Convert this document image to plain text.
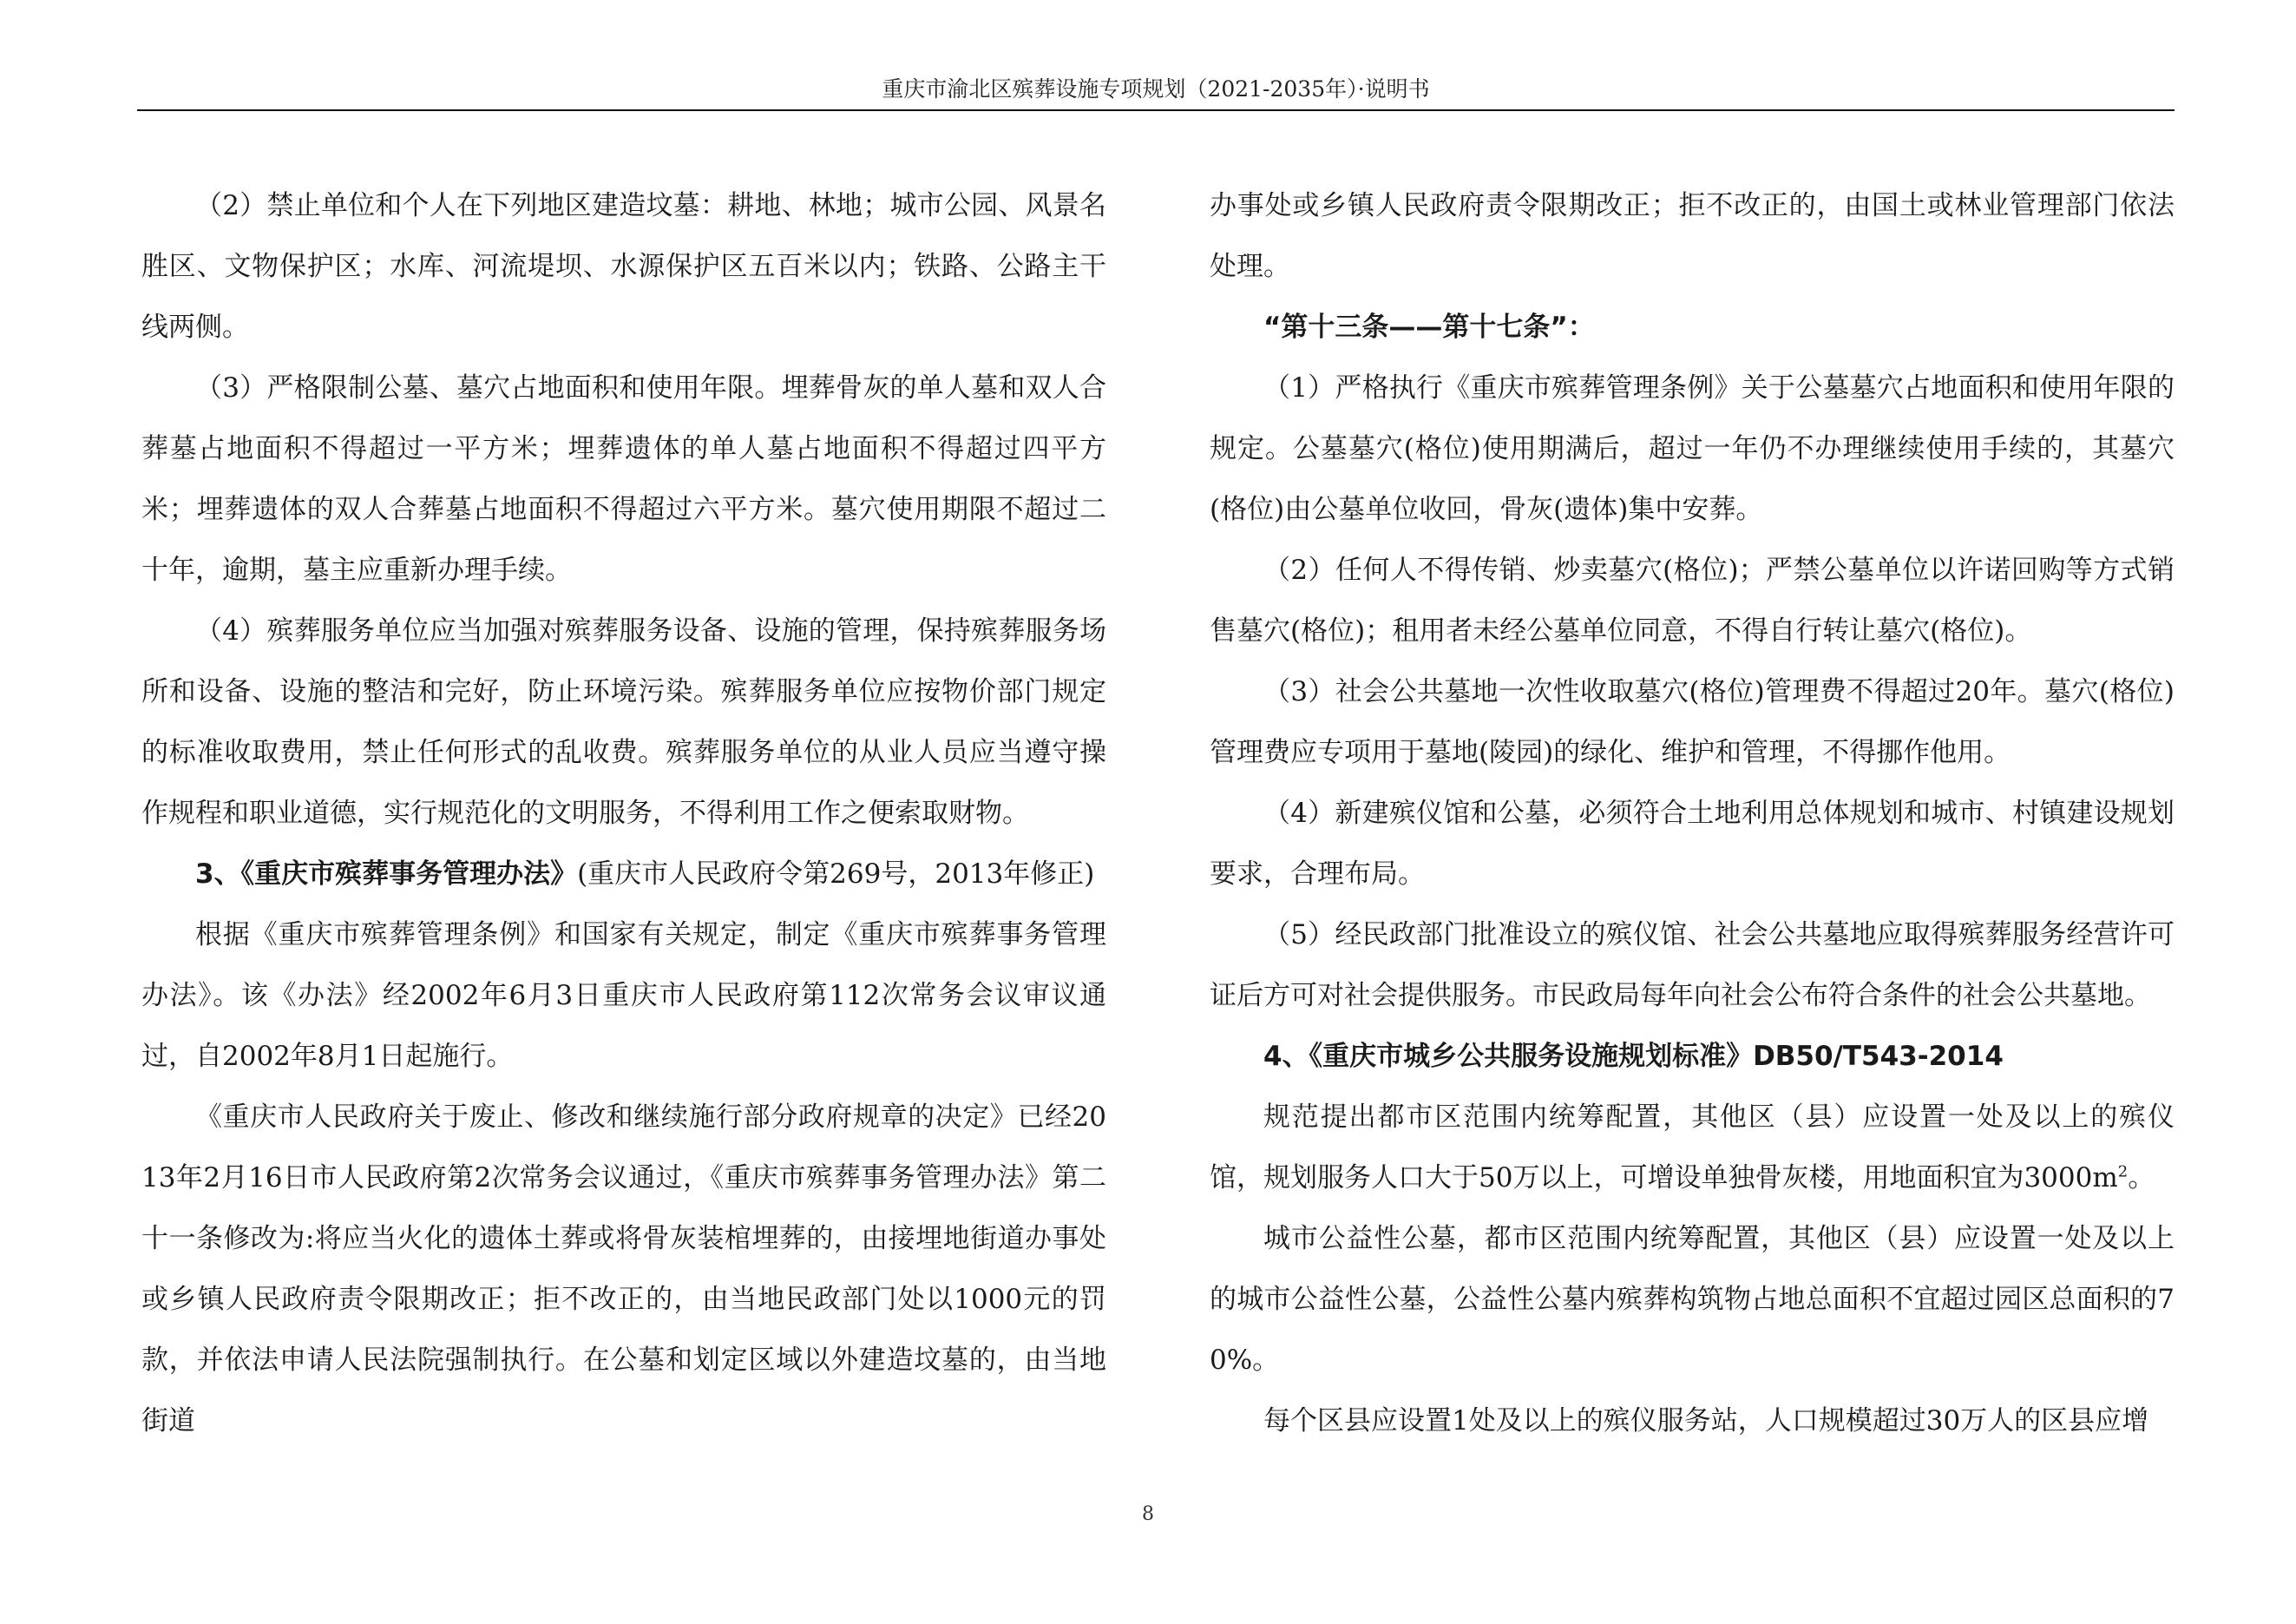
重庆市渝北区殡葬设施专项规划（2021-2035年）·说明书

（2）禁止单位和个人在下列地区建造坟墓：耕地、林地；城市公园、风景名胜区、文物保护区；水库、河流堤坝、水源保护区五百米以内；铁路、公路主干线两侧。

（3）严格限制公墓、墓穴占地面积和使用年限。埋葬骨灰的单人墓和双人合葬墓占地面积不得超过一平方米；埋葬遗体的单人墓占地面积不得超过四平方米；埋葬遗体的双人合葬墓占地面积不得超过六平方米。墓穴使用期限不超过二十年，逾期，墓主应重新办理手续。

（4）殡葬服务单位应当加强对殡葬服务设备、设施的管理，保持殡葬服务场所和设备、设施的整洁和完好，防止环境污染。殡葬服务单位应按物价部门规定的标准收取费用，禁止任何形式的乱收费。殡葬服务单位的从业人员应当遵守操作规程和职业道德，实行规范化的文明服务，不得利用工作之便索取财物。

3、《重庆市殡葬事务管理办法》(重庆市人民政府令第269号，2013年修正)

根据《重庆市殡葬管理条例》和国家有关规定，制定《重庆市殡葬事务管理办法》。该《办法》经2002年6月3日重庆市人民政府第112次常务会议审议通过，自2002年8月1日起施行。

《重庆市人民政府关于废止、修改和继续施行部分政府规章的决定》已经2013年2月16日市人民政府第2次常务会议通过，《重庆市殡葬事务管理办法》第二十一条修改为:将应当火化的遗体土葬或将骨灰装棺埋葬的，由接埋地街道办事处或乡镇人民政府责令限期改正；拒不改正的，由当地民政部门处以1000元的罚款，并依法申请人民法院强制执行。在公墓和划定区域以外建造坟墓的，由当地街道

办事处或乡镇人民政府责令限期改正；拒不改正的，由国土或林业管理部门依法处理。

“第十三条——第十七条”：

（1）严格执行《重庆市殡葬管理条例》关于公墓墓穴占地面积和使用年限的规定。公墓墓穴(格位)使用期满后，超过一年仍不办理继续使用手续的，其墓穴(格位)由公墓单位收回，骨灰(遗体)集中安葬。

（2）任何人不得传销、炒卖墓穴(格位)；严禁公墓单位以许诺回购等方式销售墓穴(格位)；租用者未经公墓单位同意，不得自行转让墓穴(格位)。

（3）社会公共墓地一次性收取墓穴(格位)管理费不得超过20年。墓穴(格位)管理费应专项用于墓地(陵园)的绿化、维护和管理，不得挪作他用。

（4）新建殡仪馆和公墓，必须符合土地利用总体规划和城市、村镇建设规划要求，合理布局。

（5）经民政部门批准设立的殡仪馆、社会公共墓地应取得殡葬服务经营许可证后方可对社会提供服务。市民政局每年向社会公布符合条件的社会公共墓地。

4、《重庆市城乡公共服务设施规划标准》DB50/T543-2014

规范提出都市区范围内统筹配置，其他区（县）应设置一处及以上的殡仪馆，规划服务人口大于50万以上，可增设单独骨灰楼，用地面积宜为$3000m^2$。

城市公益性公墓，都市区范围内统筹配置，其他区（县）应设置一处及以上的城市公益性公墓，公益性公墓内殡葬构筑物占地总面积不宜超过园区总面积的70%。

每个区县应设置1处及以上的殡仪服务站，人口规模超过30万人的区县应增

8
